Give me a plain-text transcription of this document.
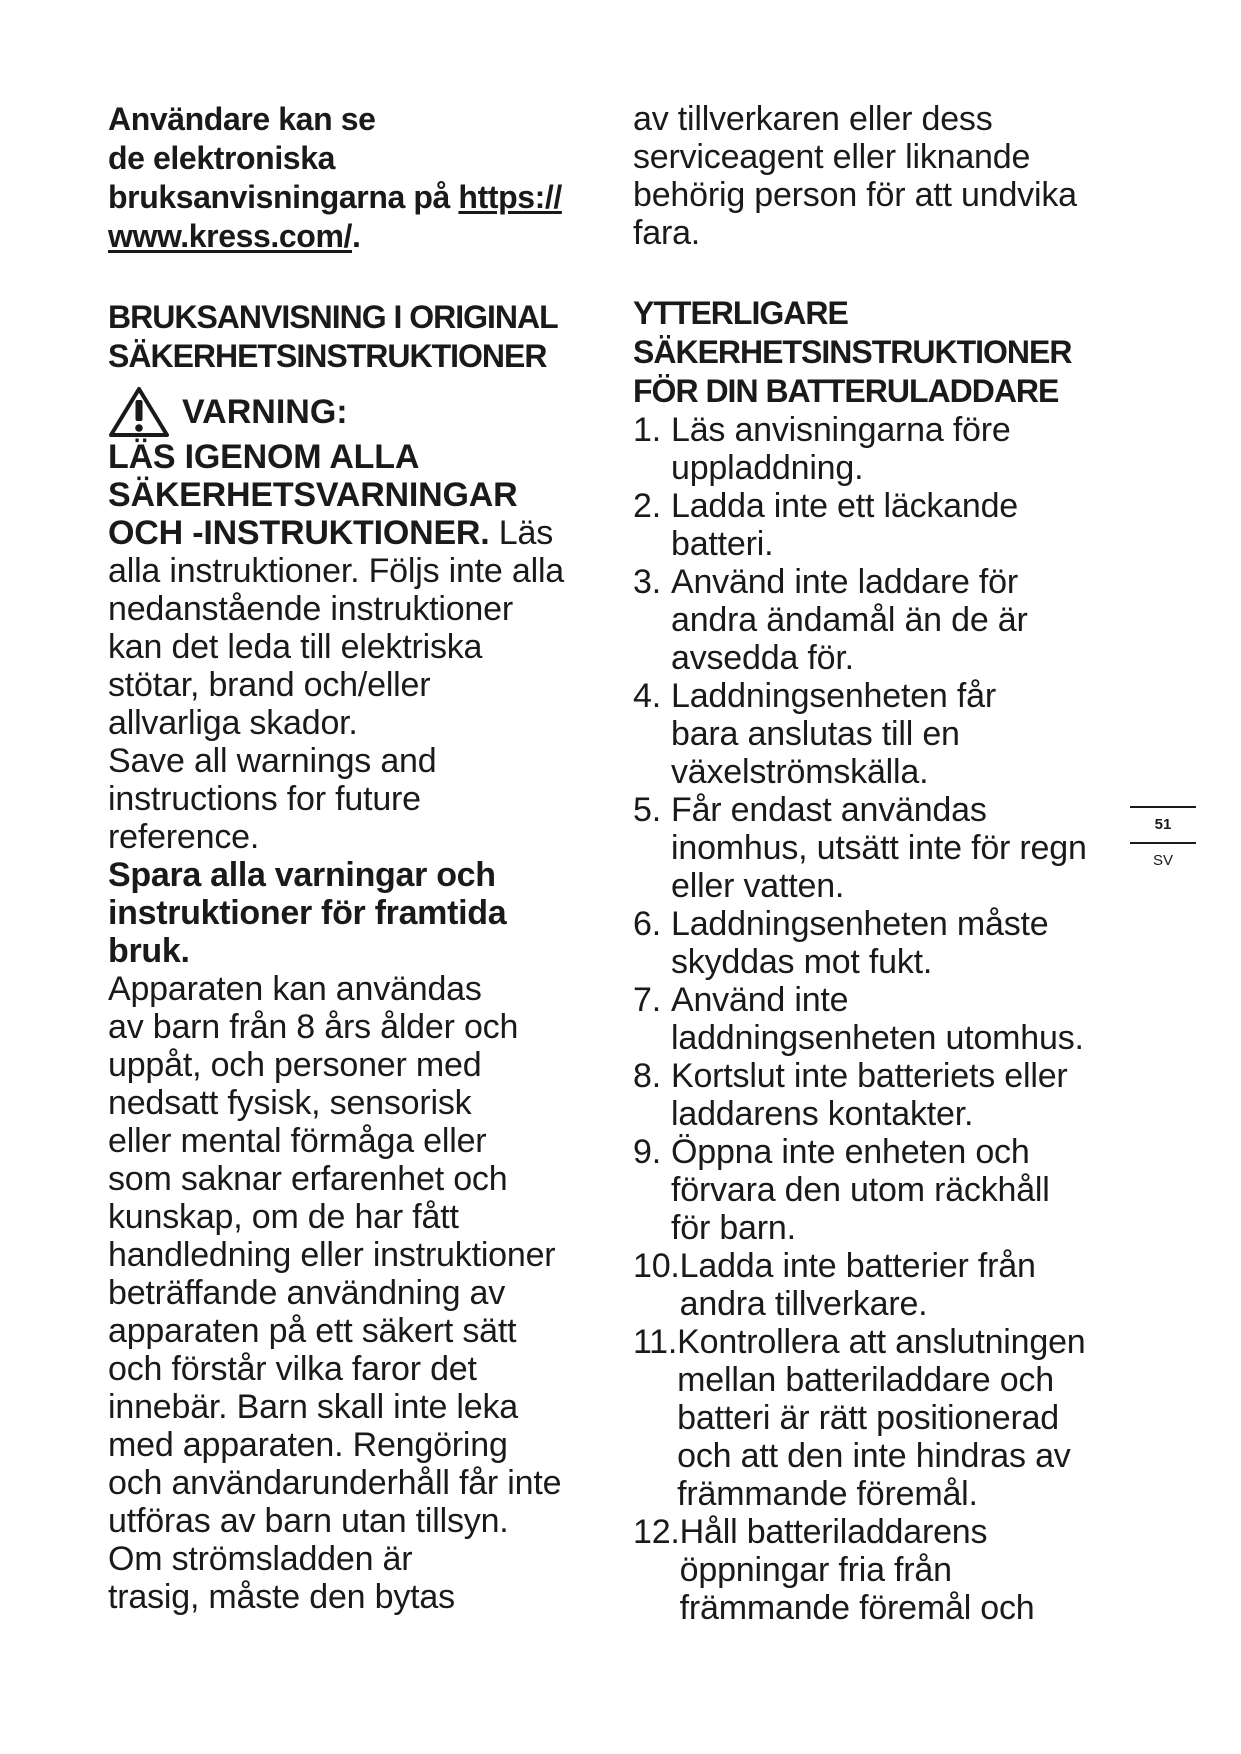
Användare kan se
de elektroniska
bruksanvisningarna på https://
www.kress.com/.

BRUKSANVISNING I ORIGINAL
SÄKERHETSINSTRUKTIONER
VARNING:

LÄS IGENOM ALLA
SÄKERHETSVARNINGAR
OCH -INSTRUKTIONER. Läs
alla instruktioner. Följs inte alla
nedanstående instruktioner
kan det leda till elektriska
stötar, brand och/eller
allvarliga skador.

Save all warnings and
instructions for future
reference.

Spara alla varningar och
instruktioner för framtida
bruk.

Apparaten kan användas
av barn från 8 års ålder och
uppåt, och personer med
nedsatt fysisk, sensorisk
eller mental förmåga eller
som saknar erfarenhet och
kunskap, om de har fått
handledning eller instruktioner
beträffande användning av
apparaten på ett säkert sätt
och förstår vilka faror det
innebär. Barn skall inte leka
med apparaten. Rengöring
och användarunderhåll får inte
utföras av barn utan tillsyn.
Om strömsladden är
trasig, måste den bytas

av tillverkaren eller dess
serviceagent eller liknande
behörig person för att undvika
fara.

YTTERLIGARE
SÄKERHETSINSTRUKTIONER
FÖR DIN BATTERULADDARE
1. Läs anvisningarna före
uppladdning.
2. Ladda inte ett läckande
batteri.
3. Använd inte laddare för
andra ändamål än de är
avsedda för.
4. Laddningsenheten får
bara anslutas till en
växelströmskälla.
5. Får endast användas
inomhus, utsätt inte för regn
eller vatten.
6. Laddningsenheten måste
skyddas mot fukt.
7. Använd inte
laddningsenheten utomhus.
8. Kortslut inte batteriets eller
laddarens kontakter.
9. Öppna inte enheten och
förvara den utom räckhåll
för barn.
10. Ladda inte batterier från
andra tillverkare.
11. Kontrollera att anslutningen
mellan batteriladdare och
batteri är rätt positionerad
och att den inte hindras av
främmande föremål.
12. Håll batteriladdarens
öppningar fria från
främmande föremål och
51
SV
